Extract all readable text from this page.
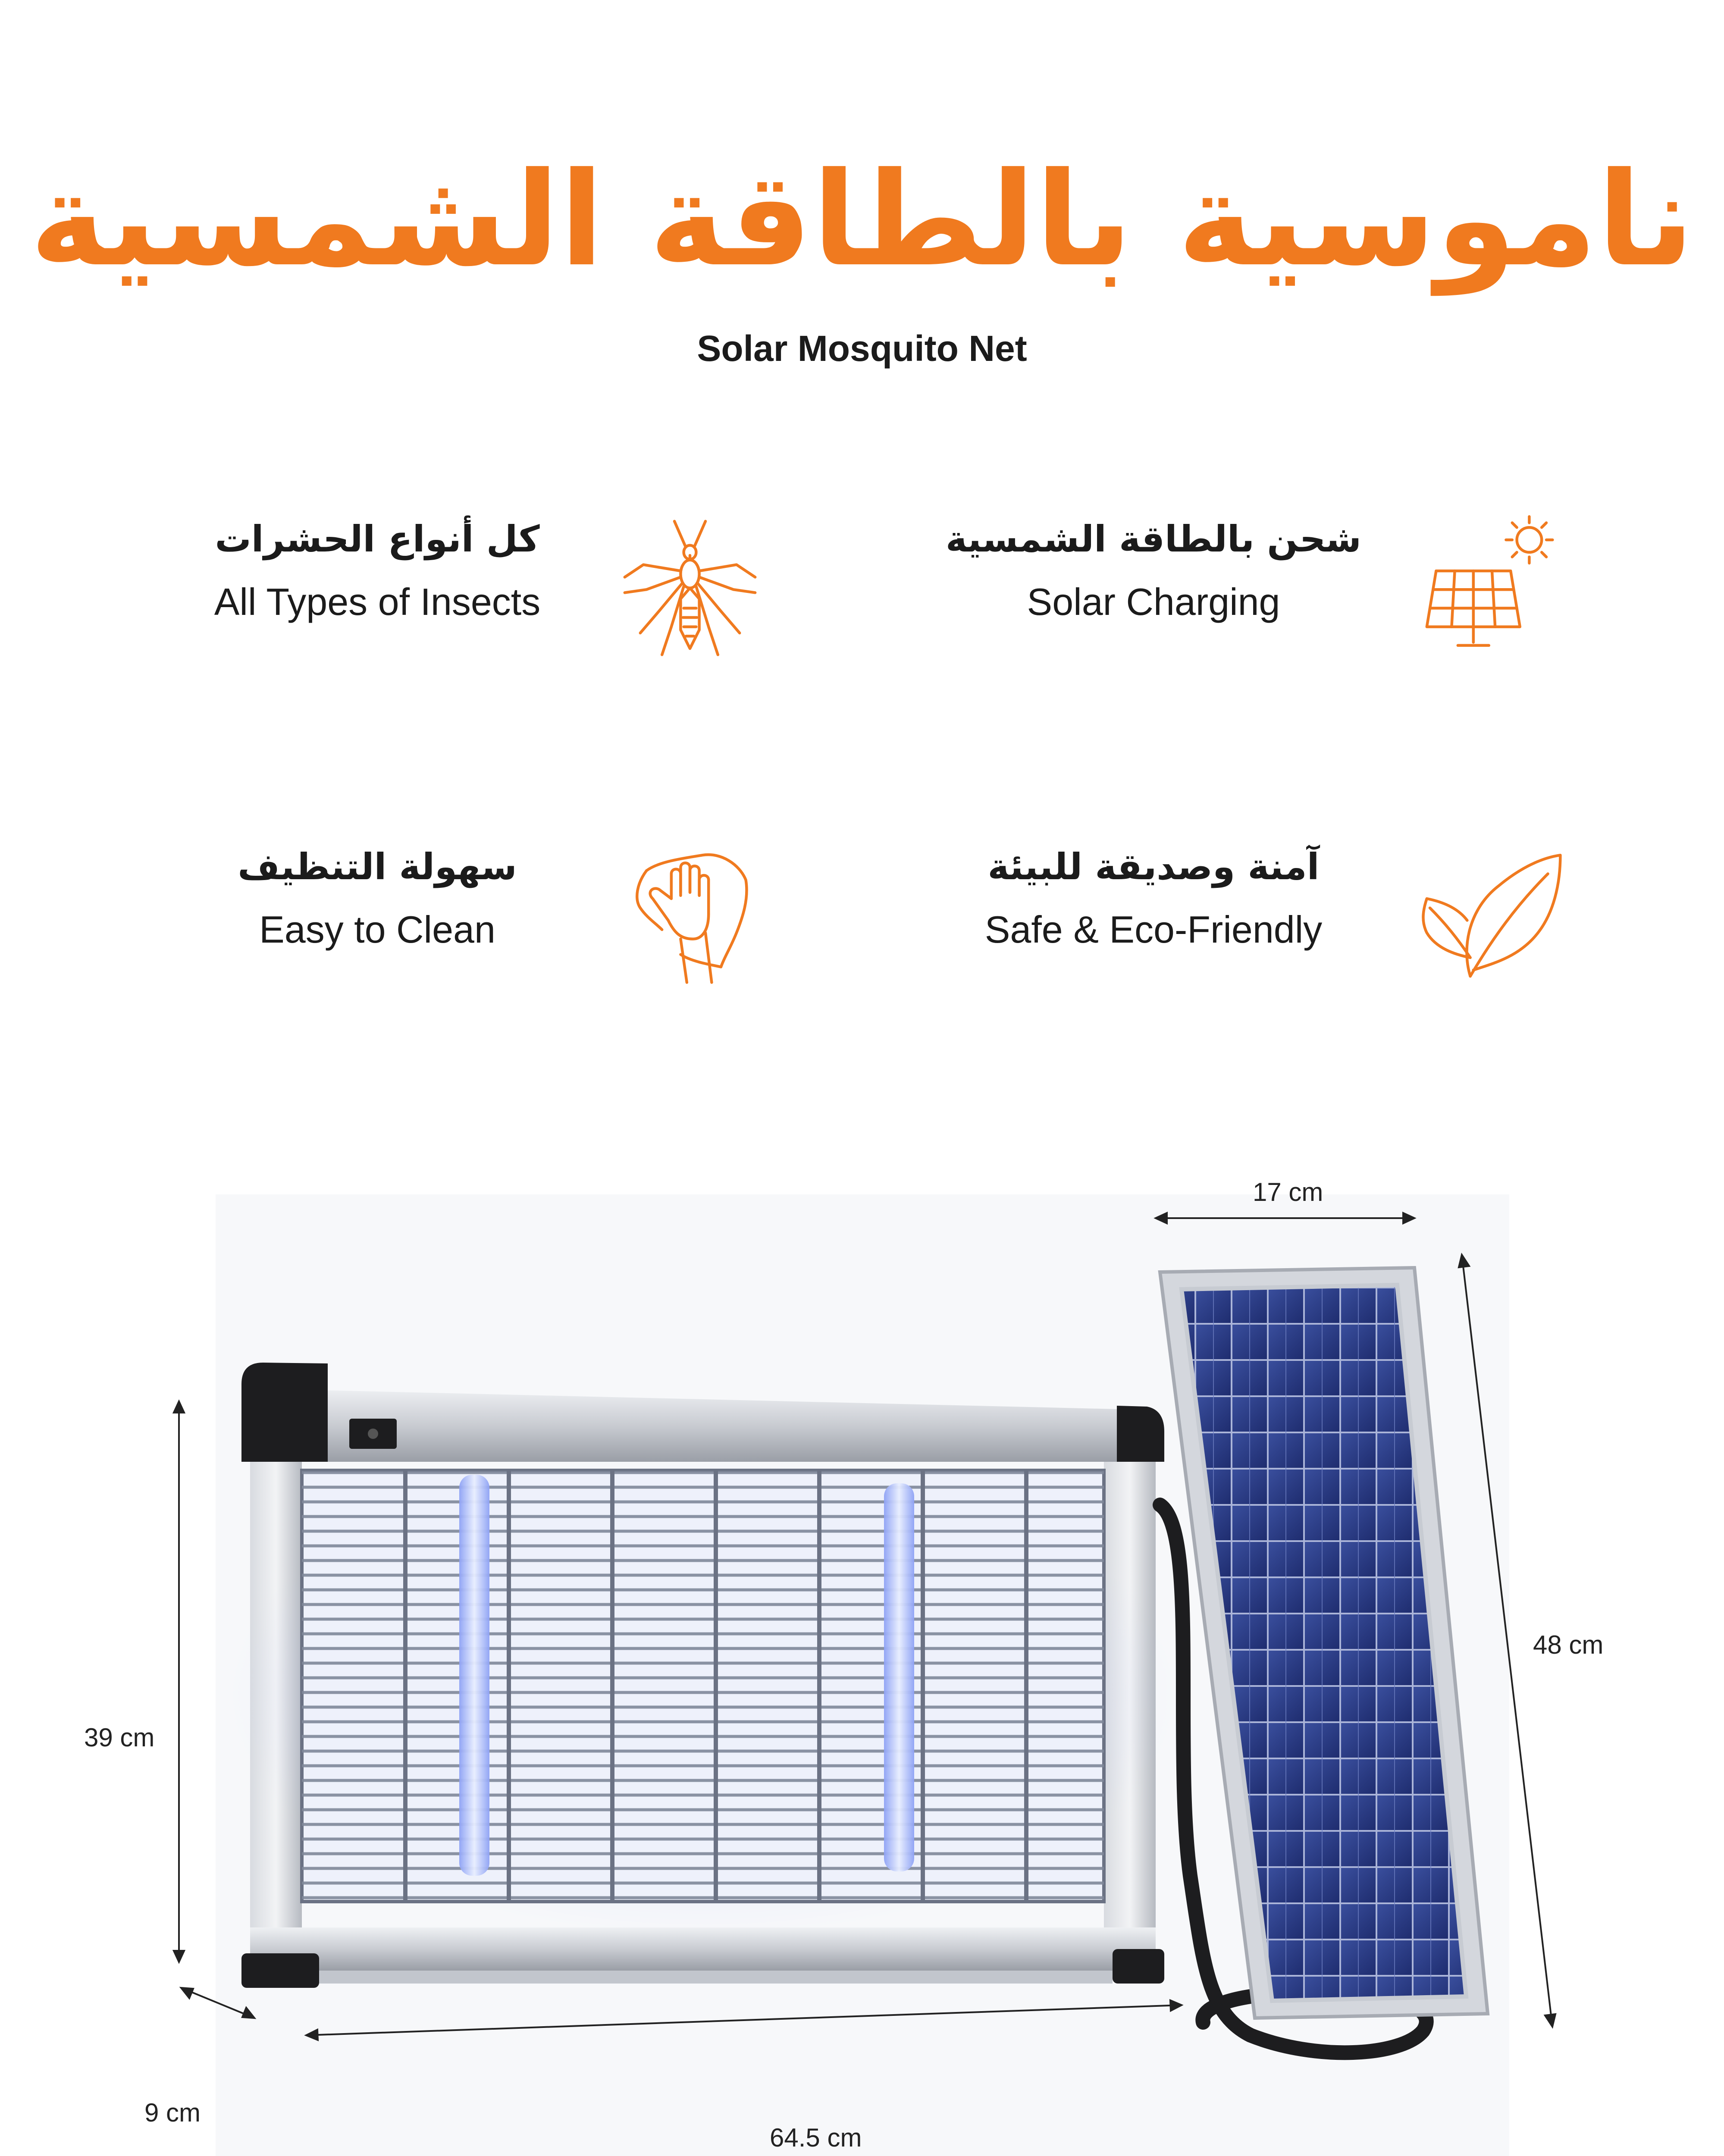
ناموسية بالطاقة الشمسية
Solar Mosquito Net
كل أنواع الحشرات
All Types of Insects
شحن بالطاقة الشمسية
Solar Charging
سهولة التنظيف
Easy to Clean
آمنة وصديقة للبيئة
Safe & Eco-Friendly
17 cm
48 cm
39 cm
9 cm
64.5 cm
